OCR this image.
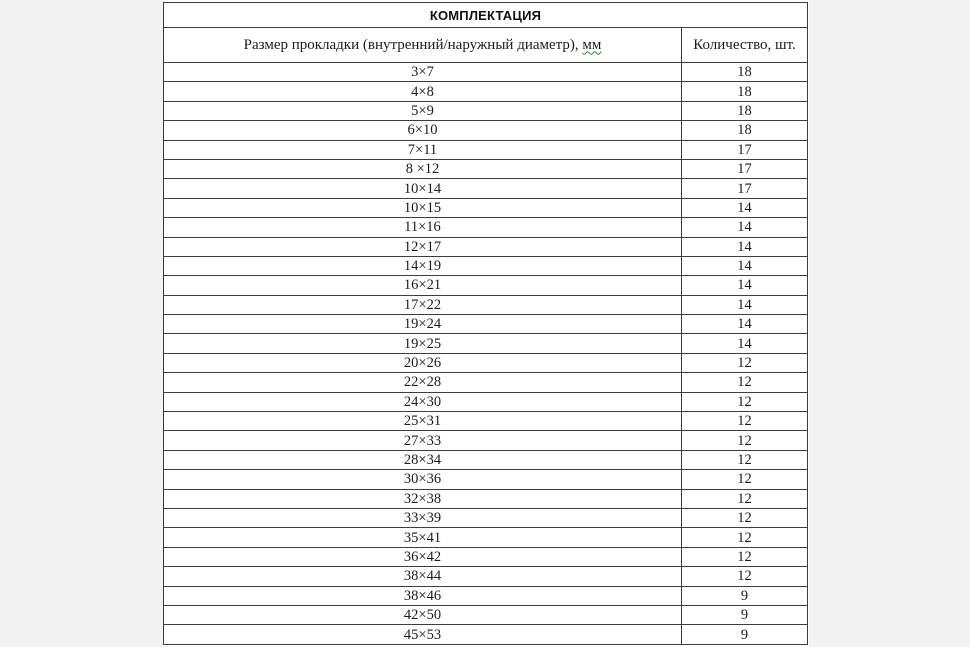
КОМПЛЕКТАЦИЯ	
Размер прокладки (внутренний/наружный диаметр), мм	Количество, шт.
3×7	18
4×8	18
5×9	18
6×10	18
7×11	17
8 ×12	17
10×14	17
10×15	14
11×16	14
12×17	14
14×19	14
16×21	14
17×22	14
19×24	14
19×25	14
20×26	12
22×28	12
24×30	12
25×31	12
27×33	12
28×34	12
30×36	12
32×38	12
33×39	12
35×41	12
36×42	12
38×44	12
38×46	9
42×50	9
45×53	9
